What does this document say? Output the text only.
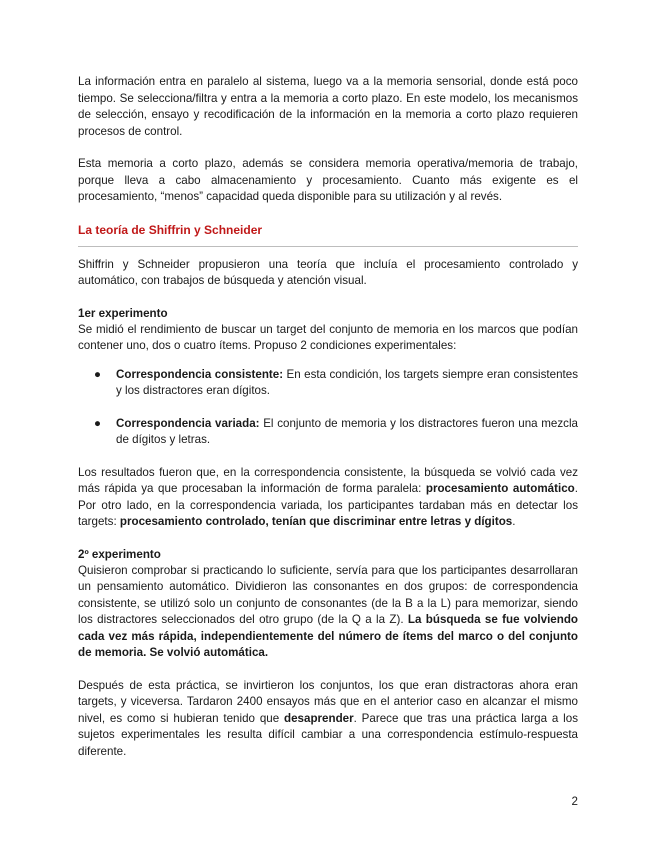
La información entra en paralelo al sistema, luego va a la memoria sensorial, donde está poco tiempo. Se selecciona/filtra y entra a la memoria a corto plazo. En este modelo, los mecanismos de selección, ensayo y recodificación de la información en la memoria a corto plazo requieren procesos de control.

Esta memoria a corto plazo, además se considera memoria operativa/memoria de trabajo, porque lleva a cabo almacenamiento y procesamiento. Cuanto más exigente es el procesamiento, “menos” capacidad queda disponible para su utilización y al revés.

La teoría de Shiffrin y Schneider

Shiffrin y Schneider propusieron una teoría que incluía el procesamiento controlado y automático, con trabajos de búsqueda y atención visual.

1er experimento

Se midió el rendimiento de buscar un target del conjunto de memoria en los marcos que podían contener uno, dos o cuatro ítems. Propuso 2 condiciones experimentales:

● Correspondencia consistente: En esta condición, los targets siempre eran consistentes y los distractores eran dígitos.
● Correspondencia variada: El conjunto de memoria y los distractores fueron una mezcla de dígitos y letras.

Los resultados fueron que, en la correspondencia consistente, la búsqueda se volvió cada vez más rápida ya que procesaban la información de forma paralela: procesamiento automático. Por otro lado, en la correspondencia variada, los participantes tardaban más en detectar los targets: procesamiento controlado, tenían que discriminar entre letras y dígitos.

2º experimento

Quisieron comprobar si practicando lo suficiente, servía para que los participantes desarrollaran un pensamiento automático. Dividieron las consonantes en dos grupos: de correspondencia consistente, se utilizó solo un conjunto de consonantes (de la B a la L) para memorizar, siendo los distractores seleccionados del otro grupo (de la Q a la Z). La búsqueda se fue volviendo cada vez más rápida, independientemente del número de ítems del marco o del conjunto de memoria. Se volvió automática.

Después de esta práctica, se invirtieron los conjuntos, los que eran distractoras ahora eran targets, y viceversa. Tardaron 2400 ensayos más que en el anterior caso en alcanzar el mismo nivel, es como si hubieran tenido que desaprender. Parece que tras una práctica larga a los sujetos experimentales les resulta difícil cambiar a una correspondencia estímulo-respuesta diferente.

2
